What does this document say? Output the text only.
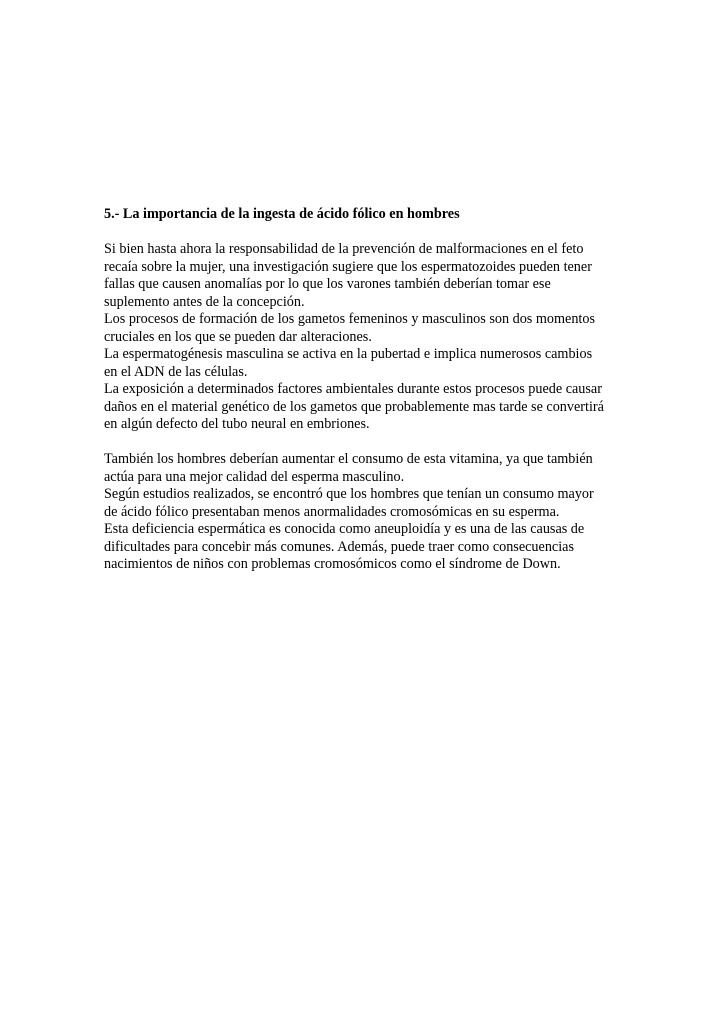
5.- La importancia de la ingesta de ácido fólico en hombres
Si bien hasta ahora la responsabilidad de la prevención de malformaciones en el feto
recaía sobre la mujer, una investigación sugiere que los espermatozoides pueden tener
fallas que causen anomalías por lo que los varones también deberían tomar ese
suplemento antes de la concepción.
Los procesos de formación de los gametos femeninos y masculinos son dos momentos
cruciales en los que se pueden dar alteraciones.
La espermatogénesis masculina se activa en la pubertad e implica numerosos cambios
en el ADN de las células.
La exposición a determinados factores ambientales durante estos procesos puede causar
daños en el material genético de los gametos que probablemente mas tarde se convertirá
en algún defecto del tubo neural en embriones.
También los hombres deberían aumentar el consumo de esta vitamina, ya que también
actúa para una mejor calidad del esperma masculino.
Según estudios realizados, se encontró que los hombres que tenían un consumo mayor
de ácido fólico presentaban menos anormalidades cromosómicas en su esperma.
Esta deficiencia espermática es conocida como aneuploidía y es una de las causas de
dificultades para concebir más comunes. Además, puede traer como consecuencias
nacimientos de niños con problemas cromosómicos como el síndrome de Down.
